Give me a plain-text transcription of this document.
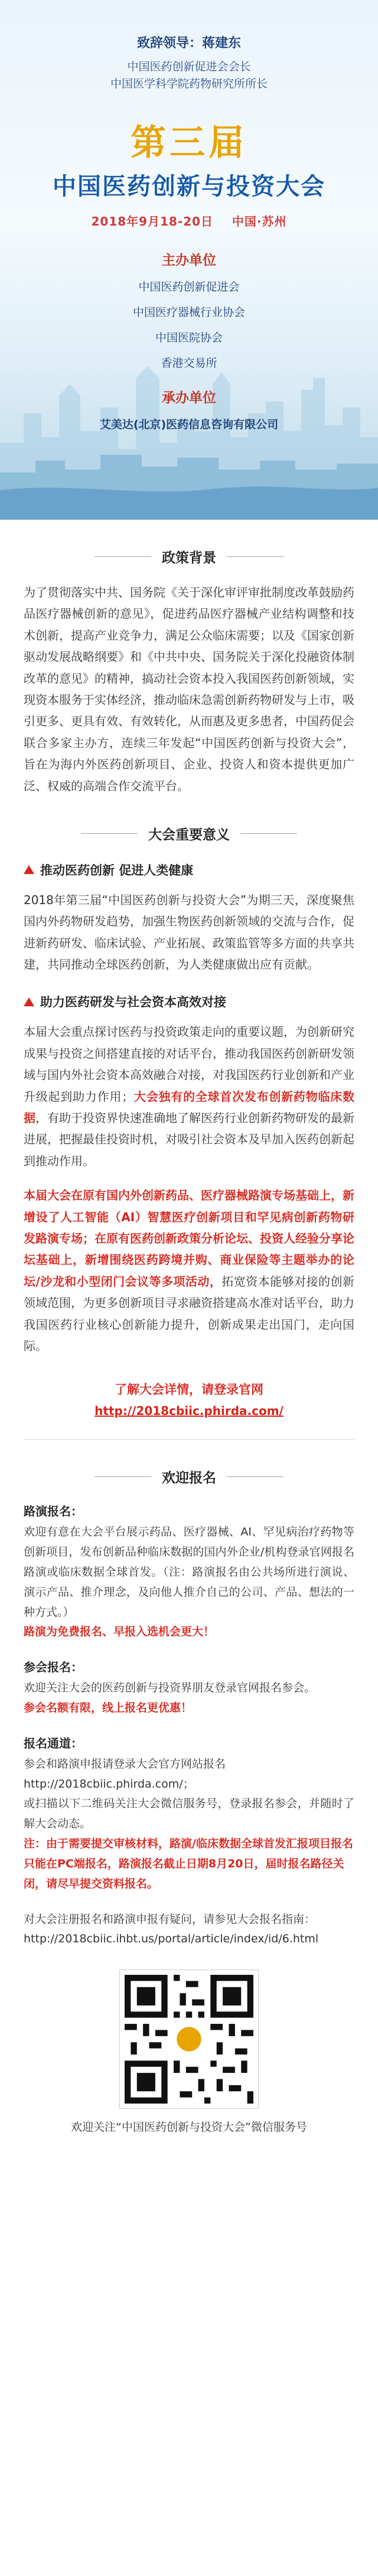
致辞领导：蒋建东
中国医药创新促进会会长
中国医学科学院药物研究所所长
第三届
中国医药创新与投资大会
2018年9月18-20日 中国·苏州
主办单位
中国医药创新促进会
中国医疗器械行业协会
中国医院协会
香港交易所
承办单位
艾美达(北京)医药信息咨询有限公司
政策背景

为了贯彻落实中共、国务院《关于深化审评审批制度改革鼓励药品医疗器械创新的意见》，促进药品医疗器械产业结构调整和技术创新，提高产业竞争力，满足公众临床需要；以及《国家创新驱动发展战略纲要》和《中共中央、国务院关于深化投融资体制改革的意见》的精神，搞动社会资本投入我国医药创新领域，实现资本服务于实体经济，推动临床急需创新药物研发与上市，吸引更多、更具有效、有效转化，从而惠及更多患者，中国药促会联合多家主办方，连续三年发起“中国医药创新与投资大会”，旨在为海内外医药创新项目、企业、投资人和资本提供更加广泛、权威的高端合作交流平台。

大会重要意义
推动医药创新 促进人类健康

2018年第三届“中国医药创新与投资大会”为期三天，深度聚焦国内外药物研发趋势，加强生物医药创新领域的交流与合作，促进新药研发、临床试验、产业拓展、政策监管等多方面的共享共建，共同推动全球医药创新，为人类健康做出应有贡献。

助力医药研发与社会资本高效对接

本届大会重点探讨医药与投资政策走向的重要议题，为创新研究成果与投资之间搭建直接的对话平台，推动我国医药创新研发领域与国内外社会资本高效融合对接，对我国医药行业创新和产业升级起到助力作用；大会独有的全球首次发布创新药物临床数据，有助于投资界快速准确地了解医药行业创新药物研发的最新进展，把握最佳投资时机，对吸引社会资本及早加入医药创新起到推动作用。

本届大会在原有国内外创新药品、医疗器械路演专场基础上，新增设了人工智能（AI）智慧医疗创新项目和罕见病创新药物研发路演专场；在原有医药创新政策分析论坛、投资人经验分享论坛基础上，新增围绕医药跨境并购、商业保险等主题举办的论坛/沙龙和小型闭门会议等多项活动，拓宽资本能够对接的创新领域范围，为更多创新项目寻求融资搭建高水准对话平台，助力我国医药行业核心创新能力提升，创新成果走出国门，走向国际。

了解大会详情，请登录官网
http://2018cbiic.phirda.com/
欢迎报名
路演报名：

欢迎有意在大会平台展示药品、医疗器械、AI、罕见病治疗药物等创新项目，发布创新品种临床数据的国内外企业/机构登录官网报名路演或临床数据全球首发。（注：路演报名由公共场所进行演说、演示产品、推介理念，及向他人推介自己的公司、产品、想法的一种方式。）

路演为免费报名、早报入选机会更大！

参会报名：

欢迎关注大会的医药创新与投资界朋友登录官网报名参会。

参会名额有限，线上报名更优惠！

报名通道：

参会和路演申报请登录大会官方网站报名

http://2018cbiic.phirda.com/；

或扫描以下二维码关注大会微信服务号，登录报名参会，并随时了解大会动态。

注：由于需要提交审核材料，路演/临床数据全球首发汇报项目报名只能在PC端报名，路演报名截止日期8月20日，届时报名路径关闭，请尽早提交资料报名。

对大会注册报名和路演申报有疑问，请参见大会报名指南：

http://2018cbiic.ihbt.us/portal/article/index/id/6.html

欢迎关注“中国医药创新与投资大会”微信服务号
